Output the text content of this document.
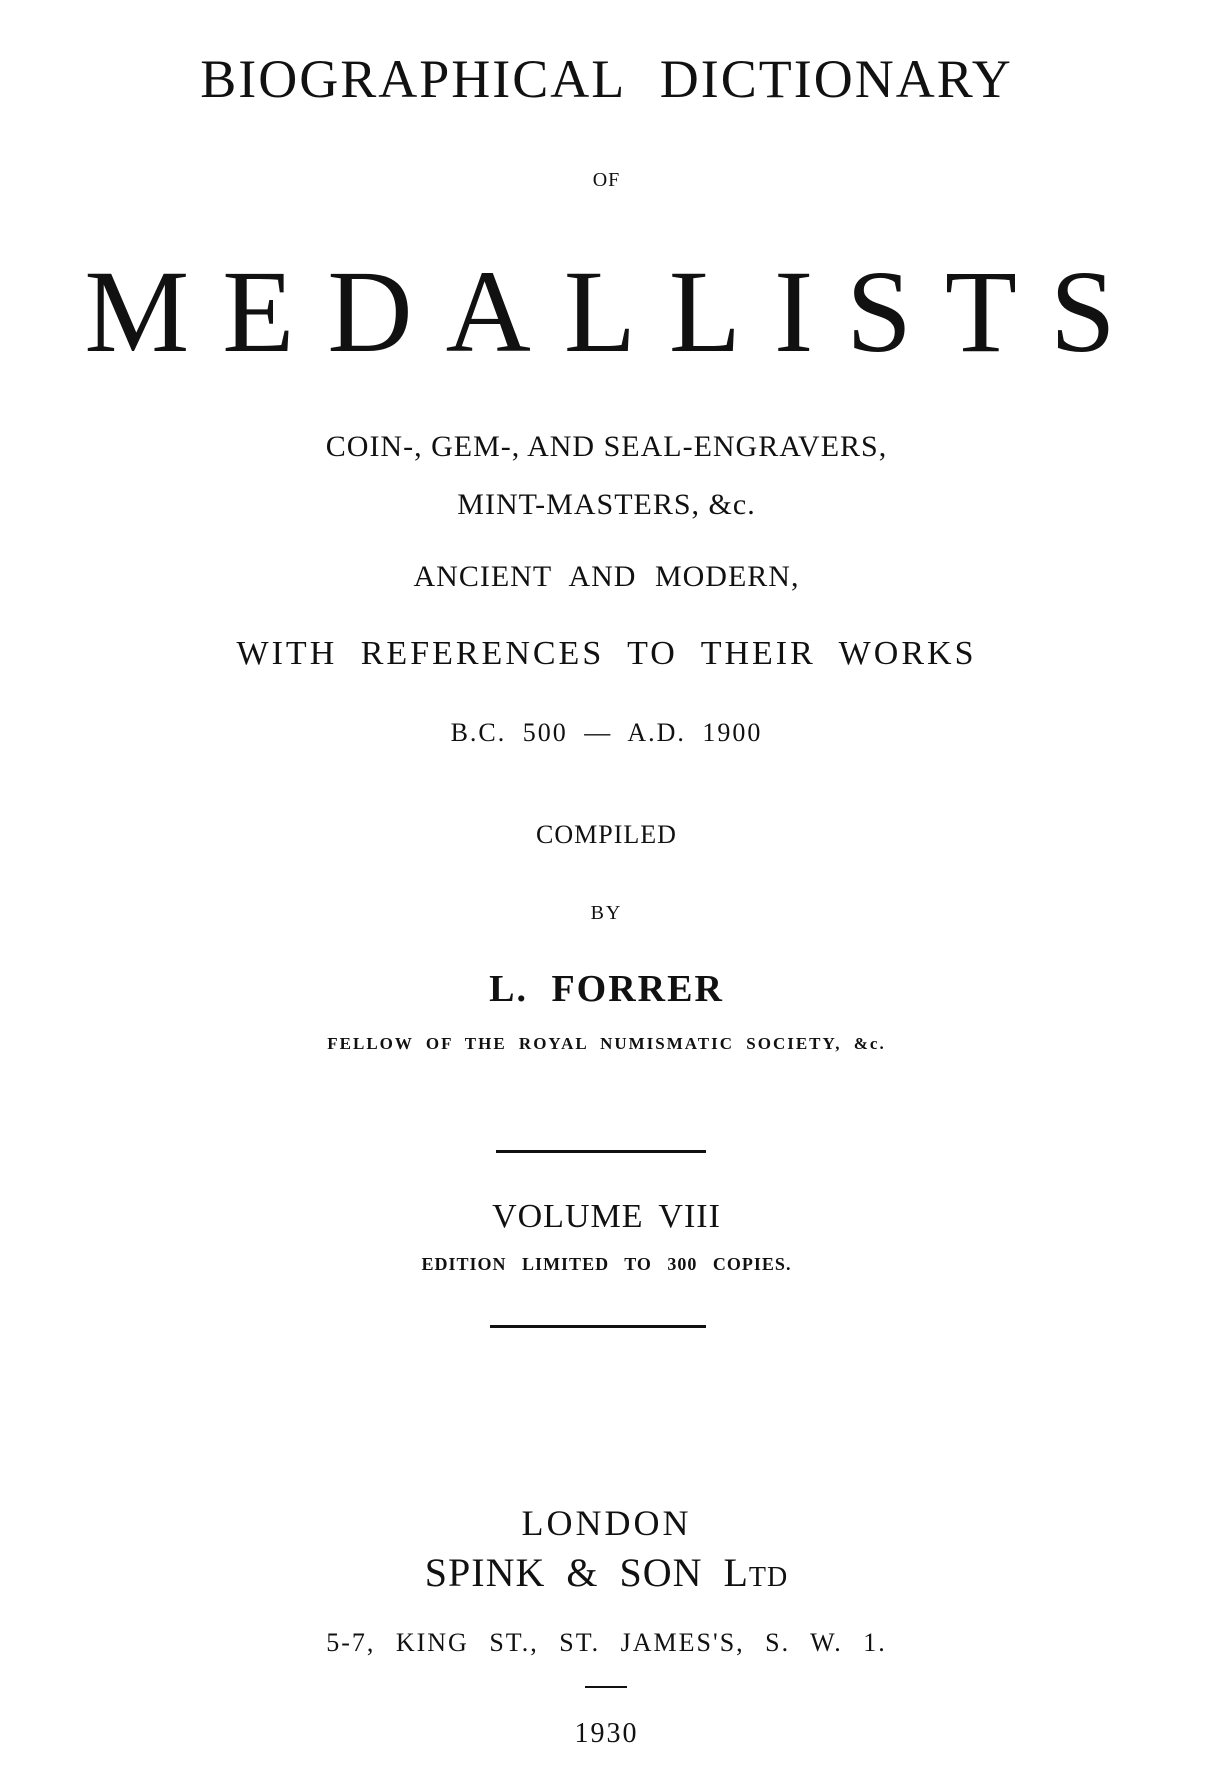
BIOGRAPHICAL DICTIONARY
OF
MEDALLISTS
COIN-, GEM-, AND SEAL-ENGRAVERS,
MINT-MASTERS, &c.
ANCIENT AND MODERN,
WITH REFERENCES TO THEIR WORKS
B.C. 500 — A.D. 1900
COMPILED
BY
L. FORRER
FELLOW OF THE ROYAL NUMISMATIC SOCIETY, &c.
VOLUME VIII
EDITION LIMITED TO 300 COPIES.
LONDON
SPINK & SON Ltd
5-7, KING ST., ST. JAMES'S, S. W. 1.
1930
